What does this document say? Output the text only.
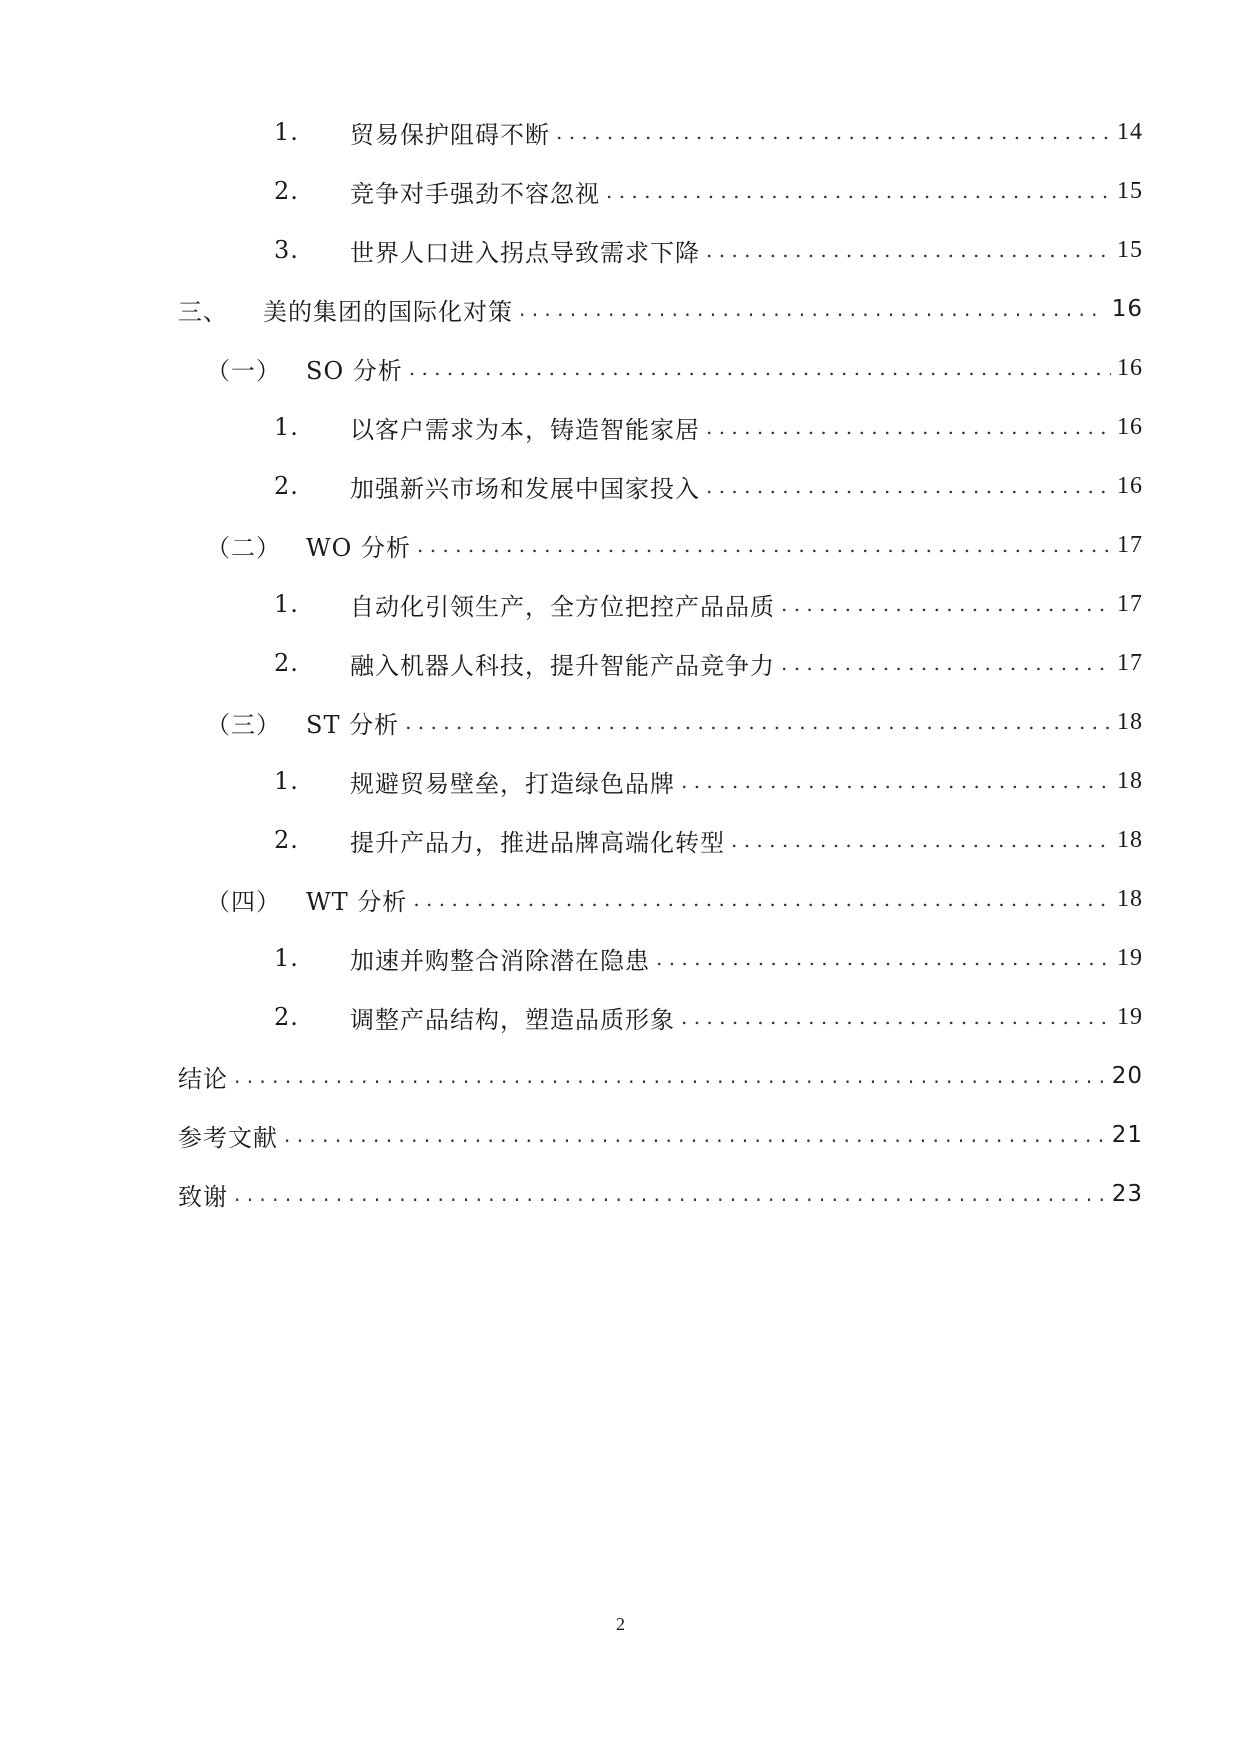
1.	贸易保护阻碍不断 . . .	14
2.	竞争对手强劲不容忽视 . . .	15
3.	世界人口进入拐点导致需求下降 . . .	15
三、	美的集团的国际化对策 . . .	16
（一）	SO 分析 . . .	16
1.	以客户需求为本，铸造智能家居 . . .	16
2.	加强新兴市场和发展中国家投入 . . .	16
（二）	WO 分析 . . .	17
1.	自动化引领生产，全方位把控产品品质 . . .	17
2.	融入机器人科技，提升智能产品竞争力 . . .	17
（三）	ST 分析 . . .	18
1.	规避贸易壁垒，打造绿色品牌 . . .	18
2.	提升产品力，推进品牌高端化转型 . . .	18
（四）	WT 分析 . . .	18
1.	加速并购整合消除潜在隐患 . . .	19
2.	调整产品结构，塑造品质形象 . . .	19
结论 . . .	20
参考文献 . . .	21
致谢 . . .	23
2
